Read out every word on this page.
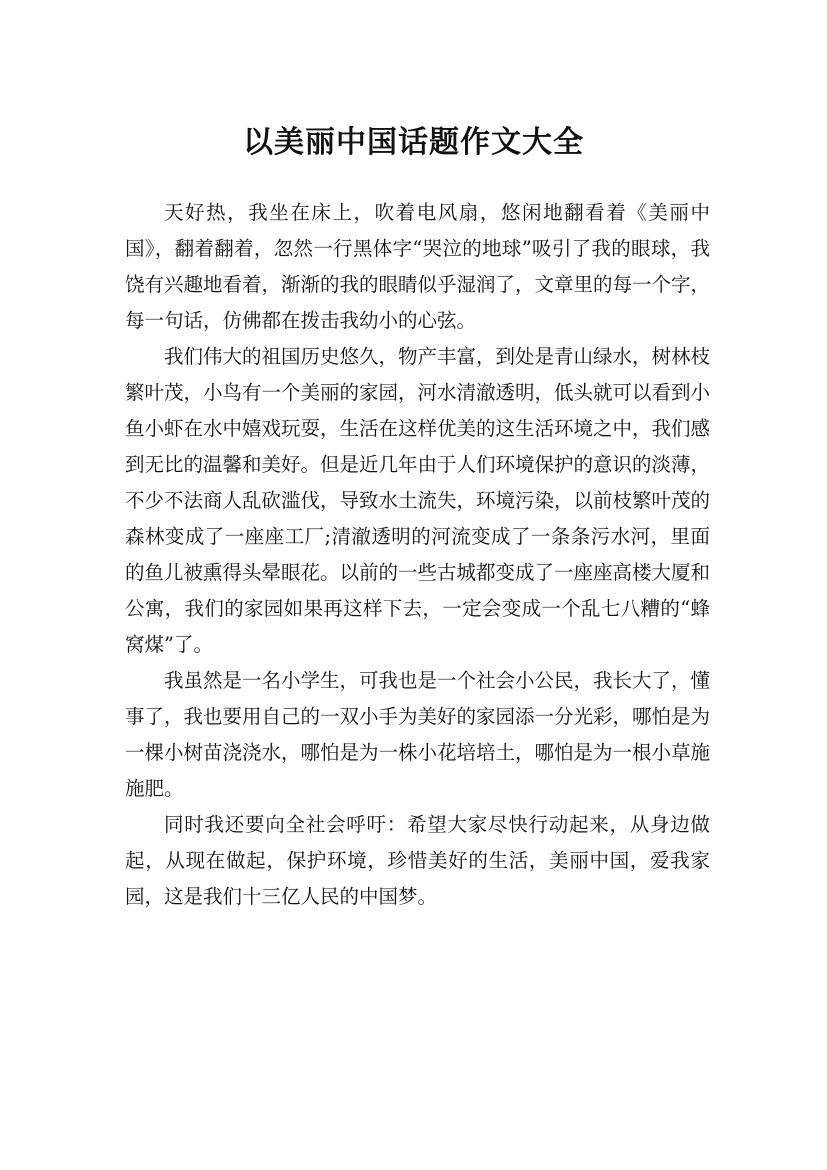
以美丽中国话题作文大全

天好热，我坐在床上，吹着电风扇，悠闲地翻看着《美丽中国》，翻着翻着，忽然一行黑体字“哭泣的地球”吸引了我的眼球，我饶有兴趣地看着，渐渐的我的眼睛似乎湿润了，文章里的每一个字，每一句话，仿佛都在拨击我幼小的心弦。

我们伟大的祖国历史悠久，物产丰富，到处是青山绿水，树林枝繁叶茂，小鸟有一个美丽的家园，河水清澈透明，低头就可以看到小鱼小虾在水中嬉戏玩耍，生活在这样优美的这生活环境之中，我们感到无比的温馨和美好。但是近几年由于人们环境保护的意识的淡薄，不少不法商人乱砍滥伐，导致水土流失，环境污染，以前枝繁叶茂的森林变成了一座座工厂;清澈透明的河流变成了一条条污水河，里面的鱼儿被熏得头晕眼花。以前的一些古城都变成了一座座高楼大厦和公寓，我们的家园如果再这样下去，一定会变成一个乱七八糟的“蜂窝煤”了。

我虽然是一名小学生，可我也是一个社会小公民，我长大了，懂事了，我也要用自己的一双小手为美好的家园添一分光彩，哪怕是为一棵小树苗浇浇水，哪怕是为一株小花培培土，哪怕是为一根小草施施肥。

同时我还要向全社会呼吁：希望大家尽快行动起来，从身边做起，从现在做起，保护环境，珍惜美好的生活，美丽中国，爱我家园，这是我们十三亿人民的中国梦。
